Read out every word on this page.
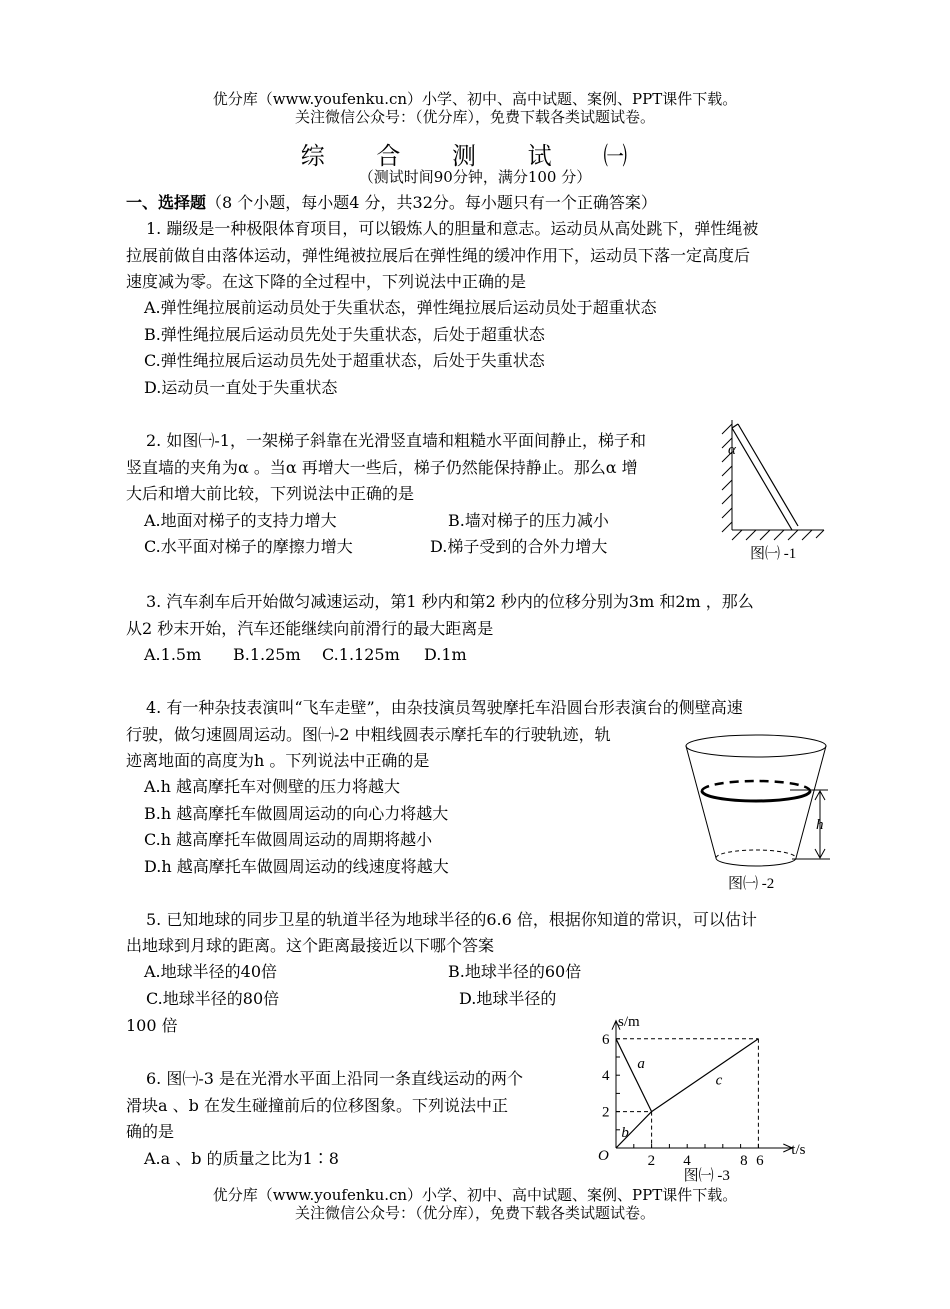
优分库（www.youfenku.cn）小学、初中、高中试题、案例、PPT课件下载。
关注微信公众号：（优分库），免费下载各类试题试卷。
综 合 测 试 ㈠
（测试时间90分钟，满分100 分）
一、选择题（8 个小题，每小题4 分，共32分。每小题只有一个正确答案）
1. 蹦级是一种极限体育项目，可以锻炼人的胆量和意志。运动员从高处跳下，弹性绳被
拉展前做自由落体运动，弹性绳被拉展后在弹性绳的缓冲作用下，运动员下落一定高度后
速度减为零。在这下降的全过程中，下列说法中正确的是
A.弹性绳拉展前运动员处于失重状态，弹性绳拉展后运动员处于超重状态
B.弹性绳拉展后运动员先处于失重状态，后处于超重状态
C.弹性绳拉展后运动员先处于超重状态，后处于失重状态
D.运动员一直处于失重状态
2. 如图㈠-1，一架梯子斜靠在光滑竖直墙和粗糙水平面间静止，梯子和
竖直墙的夹角为α 。当α 再增大一些后，梯子仍然能保持静止。那么α 增
大后和增大前比较，下列说法中正确的是
A.地面对梯子的支持力增大	B.墙对梯子的压力减小
C.水平面对梯子的摩擦力增大	D.梯子受到的合外力增大
α
图㈠ -1
3. 汽车刹车后开始做匀减速运动，第1 秒内和第2 秒内的位移分别为3m 和2m ，那么
从2 秒末开始，汽车还能继续向前滑行的最大距离是
A.1.5m B.1.25m C.1.125m D.1m
4. 有一种杂技表演叫“飞车走壁”，由杂技演员驾驶摩托车沿圆台形表演台的侧壁高速
行驶，做匀速圆周运动。图㈠-2 中粗线圆表示摩托车的行驶轨迹，轨
迹离地面的高度为h 。下列说法中正确的是
A.h 越高摩托车对侧壁的压力将越大
B.h 越高摩托车做圆周运动的向心力将越大
C.h 越高摩托车做圆周运动的周期将越小
D.h 越高摩托车做圆周运动的线速度将越大
h
图㈠ -2
5. 已知地球的同步卫星的轨道半径为地球半径的6.6 倍，根据你知道的常识，可以估计
出地球到月球的距离。这个距离最接近以下哪个答案
A.地球半径的40倍	B.地球半径的60倍
C.地球半径的80倍	D.地球半径的
100 倍
6. 图㈠-3 是在光滑水平面上沿同一条直线运动的两个
滑块a 、b 在发生碰撞前后的位移图象。下列说法中正
确的是
A.a 、b 的质量之比为1∶8
6
4
2
2 4	8 6
a
b
c
s/m
t/s
O
图㈠ -3
优分库（www.youfenku.cn）小学、初中、高中试题、案例、PPT课件下载。
关注微信公众号：（优分库），免费下载各类试题试卷。
